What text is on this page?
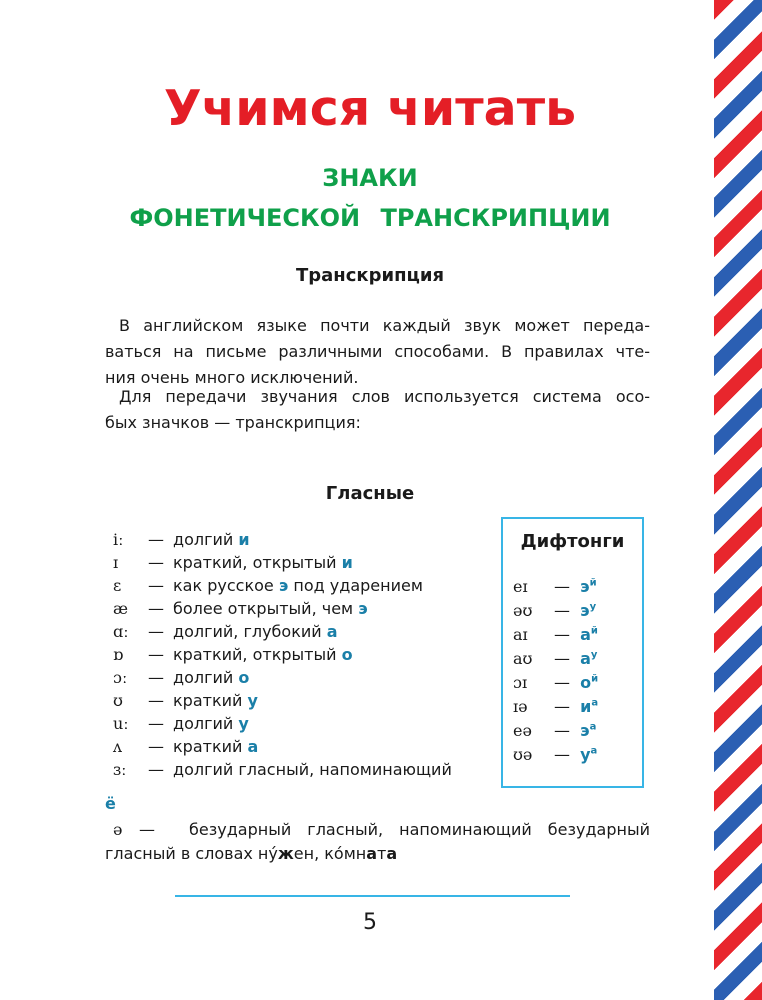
Учимся читать
ЗНАКИ
ФОНЕТИЧЕСКОЙ ТРАНСКРИПЦИИ
Транскрипция
В английском языке почти каждый звук может переда-
ваться на письме различными способами. В правилах чте-
ния очень много исключений.
Для передачи звучания слов используется система осо-
бых значков — транскрипция:
Гласные
iː — долгий и
ɪ — краткий, открытый и
ɛ — как русское э под ударением
æ — более открытый, чем э
ɑː — долгий, глубокий а
ɒ — краткий, открытый о
ɔː — долгий о
ʊ — краткий у
uː — долгий у
ʌ — краткий а
ɜː — долгий гласный, напоминающий
ё
ə — безударный гласный, напоминающий безударный
гласный в словах ну́жен, ко́мната
Дифтонги
eɪ — $э^й$
əʊ — $э^у$
aɪ — $а^й$
aʊ — $а^у$
ɔɪ — $о^й$
ɪə — $и^а$
eə — $э^а$
ʊə — $у^а$
5
